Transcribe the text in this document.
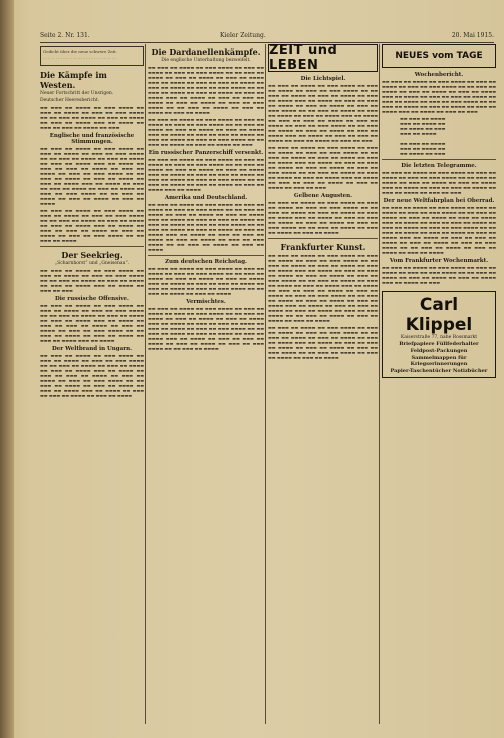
Seite 2. Nr. 131.	Kieler Zeitung.	20. Mai 1915.
Gedicht über die neue schwere Zeit.
· · · · · · · · · · · · · · · · · · · · · · · · · · · · ·
Die Kämpfe im Westen.
Neuer Fortschritt der Unsrigen.
Deutscher Heeresbericht.
▬▬ ▬▬▬ ▬▬ ▬▬▬▬ ▬▬ ▬▬▬ ▬▬▬▬ ▬▬ ▬▬▬ ▬▬ ▬▬▬▬ ▬▬ ▬▬▬ ▬▬ ▬▬▬ ▬▬▬▬ ▬▬ ▬▬ ▬▬▬ ▬▬ ▬▬▬▬ ▬▬ ▬▬▬ ▬▬ ▬▬▬▬ ▬▬ ▬▬▬ ▬▬ ▬▬▬▬ ▬▬▬ ▬▬ ▬▬▬▬ ▬▬ ▬▬▬ ▬▬ ▬▬▬ ▬▬ ▬▬▬▬ ▬▬ ▬▬▬
Englische und französische Stimmungen.
▬▬ ▬▬▬ ▬▬ ▬▬▬▬ ▬▬ ▬▬▬ ▬▬▬▬ ▬▬ ▬▬▬ ▬▬ ▬▬▬▬ ▬▬ ▬▬▬ ▬▬ ▬▬▬ ▬▬▬▬ ▬▬ ▬▬ ▬▬▬ ▬▬ ▬▬▬▬ ▬▬ ▬▬▬ ▬▬ ▬▬▬▬ ▬▬ ▬▬▬ ▬▬ ▬▬▬▬ ▬▬▬ ▬▬ ▬▬▬▬ ▬▬ ▬▬▬ ▬▬ ▬▬▬ ▬▬ ▬▬▬▬ ▬▬ ▬▬▬ ▬▬ ▬▬▬▬ ▬▬ ▬▬▬ ▬▬ ▬▬▬ ▬▬▬▬ ▬▬ ▬▬ ▬▬▬ ▬▬ ▬▬▬▬ ▬▬ ▬▬▬ ▬▬ ▬▬▬▬ ▬▬ ▬▬▬ ▬▬ ▬▬▬▬ ▬▬▬ ▬▬ ▬▬▬▬ ▬▬ ▬▬▬ ▬▬ ▬▬▬ ▬▬ ▬▬▬▬ ▬▬ ▬▬▬ ▬▬ ▬▬▬▬ ▬▬ ▬▬▬ ▬▬ ▬▬▬ ▬▬▬▬ ▬▬ ▬▬ ▬▬▬ ▬▬ ▬▬▬▬ ▬▬ ▬▬▬ ▬▬ ▬▬▬▬ ▬▬ ▬▬▬ ▬▬ ▬▬▬▬
▬▬ ▬▬▬ ▬▬ ▬▬▬▬ ▬▬ ▬▬▬ ▬▬▬▬ ▬▬ ▬▬▬ ▬▬ ▬▬▬▬ ▬▬ ▬▬▬ ▬▬ ▬▬▬ ▬▬▬▬ ▬▬ ▬▬ ▬▬▬ ▬▬ ▬▬▬▬ ▬▬ ▬▬▬ ▬▬ ▬▬▬▬ ▬▬ ▬▬▬ ▬▬ ▬▬▬▬ ▬▬▬ ▬▬ ▬▬▬▬ ▬▬ ▬▬▬ ▬▬ ▬▬▬ ▬▬ ▬▬▬▬ ▬▬ ▬▬▬ ▬▬ ▬▬▬▬ ▬▬ ▬▬▬ ▬▬ ▬▬▬ ▬▬▬▬ ▬▬ ▬▬ ▬▬▬ ▬▬ ▬▬▬▬
Der Seekrieg.
„Scharnhorst“ und „Gneisenau“.
▬▬ ▬▬▬ ▬▬ ▬▬▬▬ ▬▬ ▬▬▬ ▬▬▬▬ ▬▬ ▬▬▬ ▬▬ ▬▬▬▬ ▬▬ ▬▬▬ ▬▬ ▬▬▬ ▬▬▬▬ ▬▬ ▬▬ ▬▬▬ ▬▬ ▬▬▬▬ ▬▬ ▬▬▬ ▬▬ ▬▬▬▬ ▬▬ ▬▬▬ ▬▬ ▬▬▬▬ ▬▬▬ ▬▬ ▬▬▬▬ ▬▬ ▬▬▬ ▬▬ ▬▬▬
Die russische Offensive.
▬▬ ▬▬▬ ▬▬ ▬▬▬▬ ▬▬ ▬▬▬ ▬▬▬▬ ▬▬ ▬▬▬ ▬▬ ▬▬▬▬ ▬▬ ▬▬▬ ▬▬ ▬▬▬ ▬▬▬▬ ▬▬ ▬▬ ▬▬▬ ▬▬ ▬▬▬▬ ▬▬ ▬▬▬ ▬▬ ▬▬▬▬ ▬▬ ▬▬▬ ▬▬ ▬▬▬▬ ▬▬▬ ▬▬ ▬▬▬▬ ▬▬ ▬▬▬ ▬▬ ▬▬▬ ▬▬ ▬▬▬▬ ▬▬ ▬▬▬ ▬▬ ▬▬▬▬ ▬▬ ▬▬▬ ▬▬ ▬▬▬ ▬▬▬▬ ▬▬ ▬▬ ▬▬▬ ▬▬ ▬▬▬▬ ▬▬ ▬▬▬ ▬▬ ▬▬▬▬ ▬▬ ▬▬▬ ▬▬ ▬▬▬▬ ▬▬▬ ▬▬ ▬▬▬▬
Der Weltbrand in Ungarn.
▬▬ ▬▬▬ ▬▬ ▬▬▬▬ ▬▬ ▬▬▬ ▬▬▬▬ ▬▬ ▬▬▬ ▬▬ ▬▬▬▬ ▬▬ ▬▬▬ ▬▬ ▬▬▬ ▬▬▬▬ ▬▬ ▬▬ ▬▬▬ ▬▬ ▬▬▬▬ ▬▬ ▬▬▬ ▬▬ ▬▬▬▬ ▬▬ ▬▬▬ ▬▬ ▬▬▬▬ ▬▬▬ ▬▬ ▬▬▬▬ ▬▬ ▬▬▬ ▬▬ ▬▬▬ ▬▬ ▬▬▬▬ ▬▬ ▬▬▬ ▬▬ ▬▬▬▬ ▬▬ ▬▬▬ ▬▬ ▬▬▬ ▬▬▬▬ ▬▬ ▬▬ ▬▬▬ ▬▬ ▬▬▬▬ ▬▬ ▬▬▬ ▬▬ ▬▬▬▬ ▬▬ ▬▬▬ ▬▬ ▬▬▬▬ ▬▬▬ ▬▬ ▬▬▬▬ ▬▬ ▬▬▬ ▬▬ ▬▬▬ ▬▬ ▬▬▬▬ ▬▬ ▬▬▬ ▬▬ ▬▬▬▬
Die Dardanellenkämpfe.
Die englische Unterhaltung bezweifelt.
▬▬ ▬▬▬ ▬▬ ▬▬▬▬ ▬▬ ▬▬▬ ▬▬▬▬ ▬▬ ▬▬▬ ▬▬ ▬▬▬▬ ▬▬ ▬▬▬ ▬▬ ▬▬▬ ▬▬▬▬ ▬▬ ▬▬ ▬▬▬ ▬▬ ▬▬▬▬ ▬▬ ▬▬▬ ▬▬ ▬▬▬▬ ▬▬ ▬▬▬ ▬▬ ▬▬▬▬ ▬▬▬ ▬▬ ▬▬▬▬ ▬▬ ▬▬▬ ▬▬ ▬▬▬ ▬▬ ▬▬▬▬ ▬▬ ▬▬▬ ▬▬ ▬▬▬▬ ▬▬ ▬▬▬ ▬▬ ▬▬▬ ▬▬▬▬ ▬▬ ▬▬ ▬▬▬ ▬▬ ▬▬▬▬ ▬▬ ▬▬▬ ▬▬ ▬▬▬▬ ▬▬ ▬▬▬ ▬▬ ▬▬▬▬ ▬▬▬ ▬▬ ▬▬▬▬ ▬▬ ▬▬▬ ▬▬ ▬▬▬ ▬▬ ▬▬▬▬ ▬▬ ▬▬▬ ▬▬ ▬▬▬▬ ▬▬ ▬▬▬ ▬▬ ▬▬▬ ▬▬▬▬ ▬▬ ▬▬ ▬▬▬ ▬▬ ▬▬▬▬ ▬▬ ▬▬▬ ▬▬ ▬▬▬▬ ▬▬ ▬▬▬ ▬▬ ▬▬▬▬
▬▬ ▬▬▬ ▬▬ ▬▬▬▬ ▬▬ ▬▬▬ ▬▬▬▬ ▬▬ ▬▬▬ ▬▬ ▬▬▬▬ ▬▬ ▬▬▬ ▬▬ ▬▬▬ ▬▬▬▬ ▬▬ ▬▬ ▬▬▬ ▬▬ ▬▬▬▬ ▬▬ ▬▬▬ ▬▬ ▬▬▬▬ ▬▬ ▬▬▬ ▬▬ ▬▬▬▬ ▬▬▬ ▬▬ ▬▬▬▬ ▬▬ ▬▬▬ ▬▬ ▬▬▬ ▬▬ ▬▬▬▬ ▬▬ ▬▬▬ ▬▬ ▬▬▬▬ ▬▬ ▬▬▬ ▬▬ ▬▬▬ ▬▬▬▬ ▬▬ ▬▬ ▬▬▬ ▬▬ ▬▬▬▬ ▬▬ ▬▬▬ ▬▬ ▬▬▬▬ ▬▬ ▬▬▬
Ein russischer Panzerschiff versenkt.
▬▬ ▬▬▬ ▬▬ ▬▬▬▬ ▬▬ ▬▬▬ ▬▬▬▬ ▬▬ ▬▬▬ ▬▬ ▬▬▬▬ ▬▬ ▬▬▬ ▬▬ ▬▬▬ ▬▬▬▬ ▬▬ ▬▬ ▬▬▬ ▬▬ ▬▬▬▬ ▬▬ ▬▬▬ ▬▬ ▬▬▬▬ ▬▬ ▬▬▬ ▬▬ ▬▬▬▬ ▬▬▬ ▬▬ ▬▬▬▬ ▬▬ ▬▬▬ ▬▬ ▬▬▬ ▬▬ ▬▬▬▬ ▬▬ ▬▬▬ ▬▬ ▬▬▬▬ ▬▬ ▬▬▬ ▬▬ ▬▬▬ ▬▬▬▬ ▬▬ ▬▬ ▬▬▬ ▬▬ ▬▬▬▬ ▬▬ ▬▬▬ ▬▬ ▬▬▬▬ ▬▬ ▬▬▬ ▬▬ ▬▬▬▬ ▬▬▬ ▬▬ ▬▬▬▬
Amerika und Deutschland.
▬▬ ▬▬▬ ▬▬ ▬▬▬▬ ▬▬ ▬▬▬ ▬▬▬▬ ▬▬ ▬▬▬ ▬▬ ▬▬▬▬ ▬▬ ▬▬▬ ▬▬ ▬▬▬ ▬▬▬▬ ▬▬ ▬▬ ▬▬▬ ▬▬ ▬▬▬▬ ▬▬ ▬▬▬ ▬▬ ▬▬▬▬ ▬▬ ▬▬▬ ▬▬ ▬▬▬▬ ▬▬▬ ▬▬ ▬▬▬▬ ▬▬ ▬▬▬ ▬▬ ▬▬▬ ▬▬ ▬▬▬▬ ▬▬ ▬▬▬ ▬▬ ▬▬▬▬ ▬▬ ▬▬▬ ▬▬ ▬▬▬ ▬▬▬▬ ▬▬ ▬▬ ▬▬▬ ▬▬ ▬▬▬▬ ▬▬ ▬▬▬ ▬▬ ▬▬▬▬ ▬▬ ▬▬▬ ▬▬ ▬▬▬▬ ▬▬▬ ▬▬ ▬▬▬▬ ▬▬ ▬▬▬ ▬▬ ▬▬▬ ▬▬ ▬▬▬▬ ▬▬ ▬▬▬ ▬▬ ▬▬▬▬ ▬▬ ▬▬▬ ▬▬ ▬▬▬ ▬▬▬▬ ▬▬ ▬▬ ▬▬▬ ▬▬ ▬▬▬▬ ▬▬ ▬▬▬ ▬▬ ▬▬▬▬
Zum deutschen Reichstag.
▬▬ ▬▬▬ ▬▬ ▬▬▬▬ ▬▬ ▬▬▬ ▬▬▬▬ ▬▬ ▬▬▬ ▬▬ ▬▬▬▬ ▬▬ ▬▬▬ ▬▬ ▬▬▬ ▬▬▬▬ ▬▬ ▬▬ ▬▬▬ ▬▬ ▬▬▬▬ ▬▬ ▬▬▬ ▬▬ ▬▬▬▬ ▬▬ ▬▬▬ ▬▬ ▬▬▬▬ ▬▬▬ ▬▬ ▬▬▬▬ ▬▬ ▬▬▬ ▬▬ ▬▬▬ ▬▬ ▬▬▬▬ ▬▬ ▬▬▬ ▬▬ ▬▬▬▬ ▬▬ ▬▬▬ ▬▬ ▬▬▬ ▬▬▬▬ ▬▬ ▬▬ ▬▬▬ ▬▬ ▬▬▬▬ ▬▬ ▬▬▬ ▬▬ ▬▬▬▬
Vermischtes.
▬▬ ▬▬▬ ▬▬ ▬▬▬▬ ▬▬ ▬▬▬ ▬▬▬▬ ▬▬ ▬▬▬ ▬▬ ▬▬▬▬ ▬▬ ▬▬▬ ▬▬ ▬▬▬ ▬▬▬▬ ▬▬ ▬▬ ▬▬▬ ▬▬ ▬▬▬▬ ▬▬ ▬▬▬ ▬▬ ▬▬▬▬ ▬▬ ▬▬▬ ▬▬ ▬▬▬▬ ▬▬▬ ▬▬ ▬▬▬▬ ▬▬ ▬▬▬ ▬▬ ▬▬▬ ▬▬ ▬▬▬▬ ▬▬ ▬▬▬ ▬▬ ▬▬▬▬ ▬▬ ▬▬▬ ▬▬ ▬▬▬ ▬▬▬▬ ▬▬ ▬▬ ▬▬▬ ▬▬ ▬▬▬▬ ▬▬ ▬▬▬ ▬▬ ▬▬▬▬ ▬▬ ▬▬▬ ▬▬ ▬▬▬▬ ▬▬▬ ▬▬ ▬▬▬▬ ▬▬ ▬▬▬ ▬▬ ▬▬▬ ▬▬ ▬▬▬▬ ▬▬ ▬▬▬ ▬▬ ▬▬▬▬ ▬▬ ▬▬▬ ▬▬ ▬▬▬ ▬▬▬▬ ▬▬ ▬▬ ▬▬▬ ▬▬ ▬▬▬▬
ZEIT und LEBEN
Die Lichtspiel.
▬▬ ▬▬▬ ▬▬ ▬▬▬▬ ▬▬ ▬▬▬ ▬▬▬▬ ▬▬ ▬▬▬ ▬▬ ▬▬▬▬ ▬▬ ▬▬▬ ▬▬ ▬▬▬ ▬▬▬▬ ▬▬ ▬▬ ▬▬▬ ▬▬ ▬▬▬▬ ▬▬ ▬▬▬ ▬▬ ▬▬▬▬ ▬▬ ▬▬▬ ▬▬ ▬▬▬▬ ▬▬▬ ▬▬ ▬▬▬▬ ▬▬ ▬▬▬ ▬▬ ▬▬▬ ▬▬ ▬▬▬▬ ▬▬ ▬▬▬ ▬▬ ▬▬▬▬ ▬▬ ▬▬▬ ▬▬ ▬▬▬ ▬▬▬▬ ▬▬ ▬▬ ▬▬▬ ▬▬ ▬▬▬▬ ▬▬ ▬▬▬ ▬▬ ▬▬▬▬ ▬▬ ▬▬▬ ▬▬ ▬▬▬▬ ▬▬▬ ▬▬ ▬▬▬▬ ▬▬ ▬▬▬ ▬▬ ▬▬▬ ▬▬ ▬▬▬▬ ▬▬ ▬▬▬ ▬▬ ▬▬▬▬ ▬▬ ▬▬▬ ▬▬ ▬▬▬ ▬▬▬▬ ▬▬ ▬▬ ▬▬▬ ▬▬ ▬▬▬▬ ▬▬ ▬▬▬ ▬▬ ▬▬▬▬ ▬▬ ▬▬▬ ▬▬ ▬▬▬▬ ▬▬▬ ▬▬ ▬▬▬▬ ▬▬ ▬▬▬ ▬▬ ▬▬▬ ▬▬ ▬▬▬▬ ▬▬ ▬▬▬ ▬▬ ▬▬▬▬ ▬▬ ▬▬▬ ▬▬ ▬▬▬
▬▬ ▬▬▬ ▬▬ ▬▬▬▬ ▬▬ ▬▬▬ ▬▬▬▬ ▬▬ ▬▬▬ ▬▬ ▬▬▬▬ ▬▬ ▬▬▬ ▬▬ ▬▬▬ ▬▬▬▬ ▬▬ ▬▬ ▬▬▬ ▬▬ ▬▬▬▬ ▬▬ ▬▬▬ ▬▬ ▬▬▬▬ ▬▬ ▬▬▬ ▬▬ ▬▬▬▬ ▬▬▬ ▬▬ ▬▬▬▬ ▬▬ ▬▬▬ ▬▬ ▬▬▬ ▬▬ ▬▬▬▬ ▬▬ ▬▬▬ ▬▬ ▬▬▬▬ ▬▬ ▬▬▬ ▬▬ ▬▬▬ ▬▬▬▬ ▬▬ ▬▬ ▬▬▬ ▬▬ ▬▬▬▬ ▬▬ ▬▬▬ ▬▬ ▬▬▬▬ ▬▬ ▬▬▬ ▬▬ ▬▬▬▬ ▬▬▬ ▬▬ ▬▬▬▬ ▬▬ ▬▬▬ ▬▬ ▬▬▬ ▬▬ ▬▬▬▬ ▬▬ ▬▬▬ ▬▬ ▬▬▬▬ ▬▬ ▬▬▬ ▬▬ ▬▬▬
Gelbene Augusten.
▬▬ ▬▬▬ ▬▬ ▬▬▬▬ ▬▬ ▬▬▬ ▬▬▬▬ ▬▬ ▬▬▬ ▬▬ ▬▬▬▬ ▬▬ ▬▬▬ ▬▬ ▬▬▬ ▬▬▬▬ ▬▬ ▬▬ ▬▬▬ ▬▬ ▬▬▬▬ ▬▬ ▬▬▬ ▬▬ ▬▬▬▬ ▬▬ ▬▬▬ ▬▬ ▬▬▬▬ ▬▬▬ ▬▬ ▬▬▬▬ ▬▬ ▬▬▬ ▬▬ ▬▬▬ ▬▬ ▬▬▬▬ ▬▬ ▬▬▬ ▬▬ ▬▬▬▬ ▬▬ ▬▬▬ ▬▬ ▬▬▬ ▬▬▬▬ ▬▬ ▬▬ ▬▬▬ ▬▬ ▬▬▬▬ ▬▬ ▬▬▬ ▬▬ ▬▬▬▬ ▬▬ ▬▬▬ ▬▬ ▬▬▬▬
Frankfurter Kunst.
▬▬ ▬▬▬ ▬▬ ▬▬▬▬ ▬▬ ▬▬▬ ▬▬▬▬ ▬▬ ▬▬▬ ▬▬ ▬▬▬▬ ▬▬ ▬▬▬ ▬▬ ▬▬▬ ▬▬▬▬ ▬▬ ▬▬ ▬▬▬ ▬▬ ▬▬▬▬ ▬▬ ▬▬▬ ▬▬ ▬▬▬▬ ▬▬ ▬▬▬ ▬▬ ▬▬▬▬ ▬▬▬ ▬▬ ▬▬▬▬ ▬▬ ▬▬▬ ▬▬ ▬▬▬ ▬▬ ▬▬▬▬ ▬▬ ▬▬▬ ▬▬ ▬▬▬▬ ▬▬ ▬▬▬ ▬▬ ▬▬▬ ▬▬▬▬ ▬▬ ▬▬ ▬▬▬ ▬▬ ▬▬▬▬ ▬▬ ▬▬▬ ▬▬ ▬▬▬▬ ▬▬ ▬▬▬ ▬▬ ▬▬▬▬ ▬▬▬ ▬▬ ▬▬▬▬ ▬▬ ▬▬▬ ▬▬ ▬▬▬ ▬▬ ▬▬▬▬ ▬▬ ▬▬▬ ▬▬ ▬▬▬▬ ▬▬ ▬▬▬ ▬▬ ▬▬▬ ▬▬▬▬ ▬▬ ▬▬ ▬▬▬ ▬▬ ▬▬▬▬ ▬▬ ▬▬▬ ▬▬ ▬▬▬▬ ▬▬ ▬▬▬ ▬▬ ▬▬▬▬ ▬▬▬ ▬▬ ▬▬▬▬ ▬▬ ▬▬▬ ▬▬ ▬▬▬ ▬▬ ▬▬▬▬ ▬▬ ▬▬▬ ▬▬ ▬▬▬▬ ▬▬ ▬▬▬ ▬▬ ▬▬▬ ▬▬▬▬ ▬▬ ▬▬ ▬▬▬ ▬▬ ▬▬▬▬ ▬▬ ▬▬▬ ▬▬ ▬▬▬▬ ▬▬ ▬▬▬ ▬▬ ▬▬▬▬
▬▬ ▬▬▬ ▬▬ ▬▬▬▬ ▬▬ ▬▬▬ ▬▬▬▬ ▬▬ ▬▬▬ ▬▬ ▬▬▬▬ ▬▬ ▬▬▬ ▬▬ ▬▬▬ ▬▬▬▬ ▬▬ ▬▬ ▬▬▬ ▬▬ ▬▬▬▬ ▬▬ ▬▬▬ ▬▬ ▬▬▬▬ ▬▬ ▬▬▬ ▬▬ ▬▬▬▬ ▬▬▬ ▬▬ ▬▬▬▬ ▬▬ ▬▬▬ ▬▬ ▬▬▬ ▬▬ ▬▬▬▬ ▬▬ ▬▬▬ ▬▬ ▬▬▬▬ ▬▬ ▬▬▬ ▬▬ ▬▬▬ ▬▬▬▬ ▬▬ ▬▬ ▬▬▬ ▬▬ ▬▬▬▬ ▬▬ ▬▬▬ ▬▬ ▬▬▬▬ ▬▬ ▬▬▬ ▬▬ ▬▬▬▬
NEUES vom TAGE
Wochenbericht.
▬▬ ▬▬▬ ▬▬ ▬▬▬▬ ▬▬ ▬▬▬ ▬▬▬▬ ▬▬ ▬▬▬ ▬▬ ▬▬▬▬ ▬▬ ▬▬▬ ▬▬ ▬▬▬ ▬▬▬▬ ▬▬ ▬▬ ▬▬▬ ▬▬ ▬▬▬▬ ▬▬ ▬▬▬ ▬▬ ▬▬▬▬ ▬▬ ▬▬▬ ▬▬ ▬▬▬▬ ▬▬▬ ▬▬ ▬▬▬▬ ▬▬ ▬▬▬ ▬▬ ▬▬▬ ▬▬ ▬▬▬▬ ▬▬ ▬▬▬ ▬▬ ▬▬▬▬ ▬▬ ▬▬▬ ▬▬ ▬▬▬ ▬▬▬▬ ▬▬ ▬▬ ▬▬▬ ▬▬ ▬▬▬▬ ▬▬ ▬▬▬ ▬▬ ▬▬▬▬ ▬▬ ▬▬▬ ▬▬ ▬▬▬▬ ▬▬▬ ▬▬ ▬▬▬▬ ▬▬ ▬▬▬ ▬▬ ▬▬▬
▬▬ ▬▬▬ ▬▬ ▬▬▬▬
▬▬▬ ▬▬ ▬▬▬▬ ▬▬
▬▬ ▬▬▬▬ ▬▬ ▬▬▬
▬▬▬ ▬▬ ▬▬▬▬

▬▬ ▬▬▬ ▬▬ ▬▬▬▬
▬▬▬ ▬▬ ▬▬▬▬ ▬▬
▬▬ ▬▬▬▬ ▬▬ ▬▬▬
Die letzten Telegramme.
▬▬ ▬▬▬ ▬▬ ▬▬▬▬ ▬▬ ▬▬▬ ▬▬▬▬ ▬▬ ▬▬▬ ▬▬ ▬▬▬▬ ▬▬ ▬▬▬ ▬▬ ▬▬▬ ▬▬▬▬ ▬▬ ▬▬ ▬▬▬ ▬▬ ▬▬▬▬ ▬▬ ▬▬▬ ▬▬ ▬▬▬▬ ▬▬ ▬▬▬ ▬▬ ▬▬▬▬ ▬▬▬ ▬▬ ▬▬▬▬ ▬▬ ▬▬▬ ▬▬ ▬▬▬ ▬▬ ▬▬▬▬ ▬▬ ▬▬▬ ▬▬ ▬▬▬▬ ▬▬ ▬▬▬ ▬▬ ▬▬▬
Der neue Weltfahrplan bei Oberrad.
▬▬ ▬▬▬ ▬▬ ▬▬▬▬ ▬▬ ▬▬▬ ▬▬▬▬ ▬▬ ▬▬▬ ▬▬ ▬▬▬▬ ▬▬ ▬▬▬ ▬▬ ▬▬▬ ▬▬▬▬ ▬▬ ▬▬ ▬▬▬ ▬▬ ▬▬▬▬ ▬▬ ▬▬▬ ▬▬ ▬▬▬▬ ▬▬ ▬▬▬ ▬▬ ▬▬▬▬ ▬▬▬ ▬▬ ▬▬▬▬ ▬▬ ▬▬▬ ▬▬ ▬▬▬ ▬▬ ▬▬▬▬ ▬▬ ▬▬▬ ▬▬ ▬▬▬▬ ▬▬ ▬▬▬ ▬▬ ▬▬▬ ▬▬▬▬ ▬▬ ▬▬ ▬▬▬ ▬▬ ▬▬▬▬ ▬▬ ▬▬▬ ▬▬ ▬▬▬▬ ▬▬ ▬▬▬ ▬▬ ▬▬▬▬ ▬▬▬ ▬▬ ▬▬▬▬ ▬▬ ▬▬▬ ▬▬ ▬▬▬ ▬▬ ▬▬▬▬ ▬▬ ▬▬▬ ▬▬ ▬▬▬▬ ▬▬ ▬▬▬ ▬▬ ▬▬▬ ▬▬▬▬ ▬▬ ▬▬ ▬▬▬ ▬▬ ▬▬▬▬ ▬▬ ▬▬▬ ▬▬ ▬▬▬▬ ▬▬ ▬▬▬ ▬▬ ▬▬▬▬
Vom Frankfurter Wochenmarkt.
▬▬ ▬▬▬ ▬▬ ▬▬▬▬ ▬▬ ▬▬▬ ▬▬▬▬ ▬▬ ▬▬▬ ▬▬ ▬▬▬▬ ▬▬ ▬▬▬ ▬▬ ▬▬▬ ▬▬▬▬ ▬▬ ▬▬ ▬▬▬ ▬▬ ▬▬▬▬ ▬▬ ▬▬▬ ▬▬ ▬▬▬▬ ▬▬ ▬▬▬ ▬▬ ▬▬▬▬ ▬▬▬ ▬▬ ▬▬▬▬ ▬▬ ▬▬▬
Carl Klippel
Kaiserstraße 77, nahe Rossmarkt
Briefpapiere Füllfederhalter
Feldpost-Packungen
Sammelmappen für Kriegserinnerungen
Papier-Taschentücher Notizbücher
